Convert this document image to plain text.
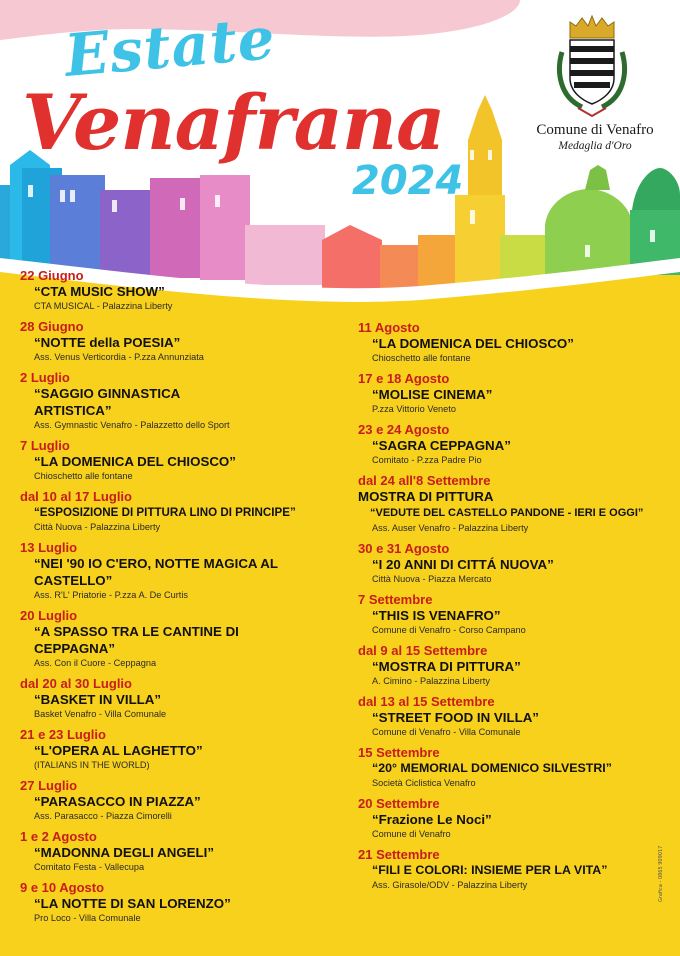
Estate
Venafrana
2024
Comune di Venafro
Medaglia d'Oro
22 Giugno
“CTA MUSIC SHOW”
CTA MUSICAL - Palazzina Liberty
28 Giugno
“NOTTE della POESIA”
Ass. Venus Verticordia - P.zza Annunziata
2 Luglio
“SAGGIO GINNASTICA ARTISTICA”
Ass. Gymnastic Venafro - Palazzetto dello Sport
7 Luglio
“LA DOMENICA DEL CHIOSCO”
Chioschetto alle fontane
dal 10 al 17 Luglio
“ESPOSIZIONE DI PITTURA LINO DI PRINCIPE”
Città Nuova - Palazzina Liberty
13 Luglio
“NEI '90 IO C'ERO, NOTTE MAGICA AL CASTELLO”
Ass. R'L' Priatorie - P.zza A. De Curtis
20 Luglio
“A SPASSO TRA LE CANTINE DI CEPPAGNA”
Ass. Con il Cuore - Ceppagna
dal 20 al 30 Luglio
“BASKET IN VILLA”
Basket Venafro - Villa Comunale
21 e 23 Luglio
“L'OPERA AL LAGHETTO”
(ITALIANS IN THE WORLD)
27 Luglio
“PARASACCO IN PIAZZA”
Ass. Parasacco - Piazza Cimorelli
1 e 2 Agosto
“MADONNA DEGLI ANGELI”
Comitato Festa - Vallecupa
9 e 10 Agosto
“LA NOTTE DI SAN LORENZO”
Pro Loco - Villa Comunale
11 Agosto
“LA DOMENICA DEL CHIOSCO”
Chioschetto alle fontane
17 e 18 Agosto
“MOLISE CINEMA”
P.zza Vittorio Veneto
23 e 24 Agosto
“SAGRA CEPPAGNA”
Comitato - P.zza Padre Pio
dal 24 all'8 Settembre
MOSTRA DI PITTURA
“VEDUTE DEL CASTELLO PANDONE - IERI E OGGI”
Ass. Auser Venafro - Palazzina Liberty
30 e 31 Agosto
“I 20 ANNI DI CITTÁ NUOVA”
Città Nuova - Piazza Mercato
7 Settembre
“THIS IS VENAFRO”
Comune di Venafro - Corso Campano
dal 9 al 15 Settembre
“MOSTRA DI PITTURA”
A. Cimino - Palazzina Liberty
dal 13 al 15 Settembre
“STREET FOOD IN VILLA”
Comune di Venafro - Villa Comunale
15 Settembre
“20° MEMORIAL DOMENICO SILVESTRI”
Società Ciclistica Venafro
20 Settembre
“Frazione Le Noci”
Comune di Venafro
21 Settembre
“FILI E COLORI: INSIEME PER LA VITA”
Ass. Girasole/ODV - Palazzina Liberty	Grafica - 0865 909017
